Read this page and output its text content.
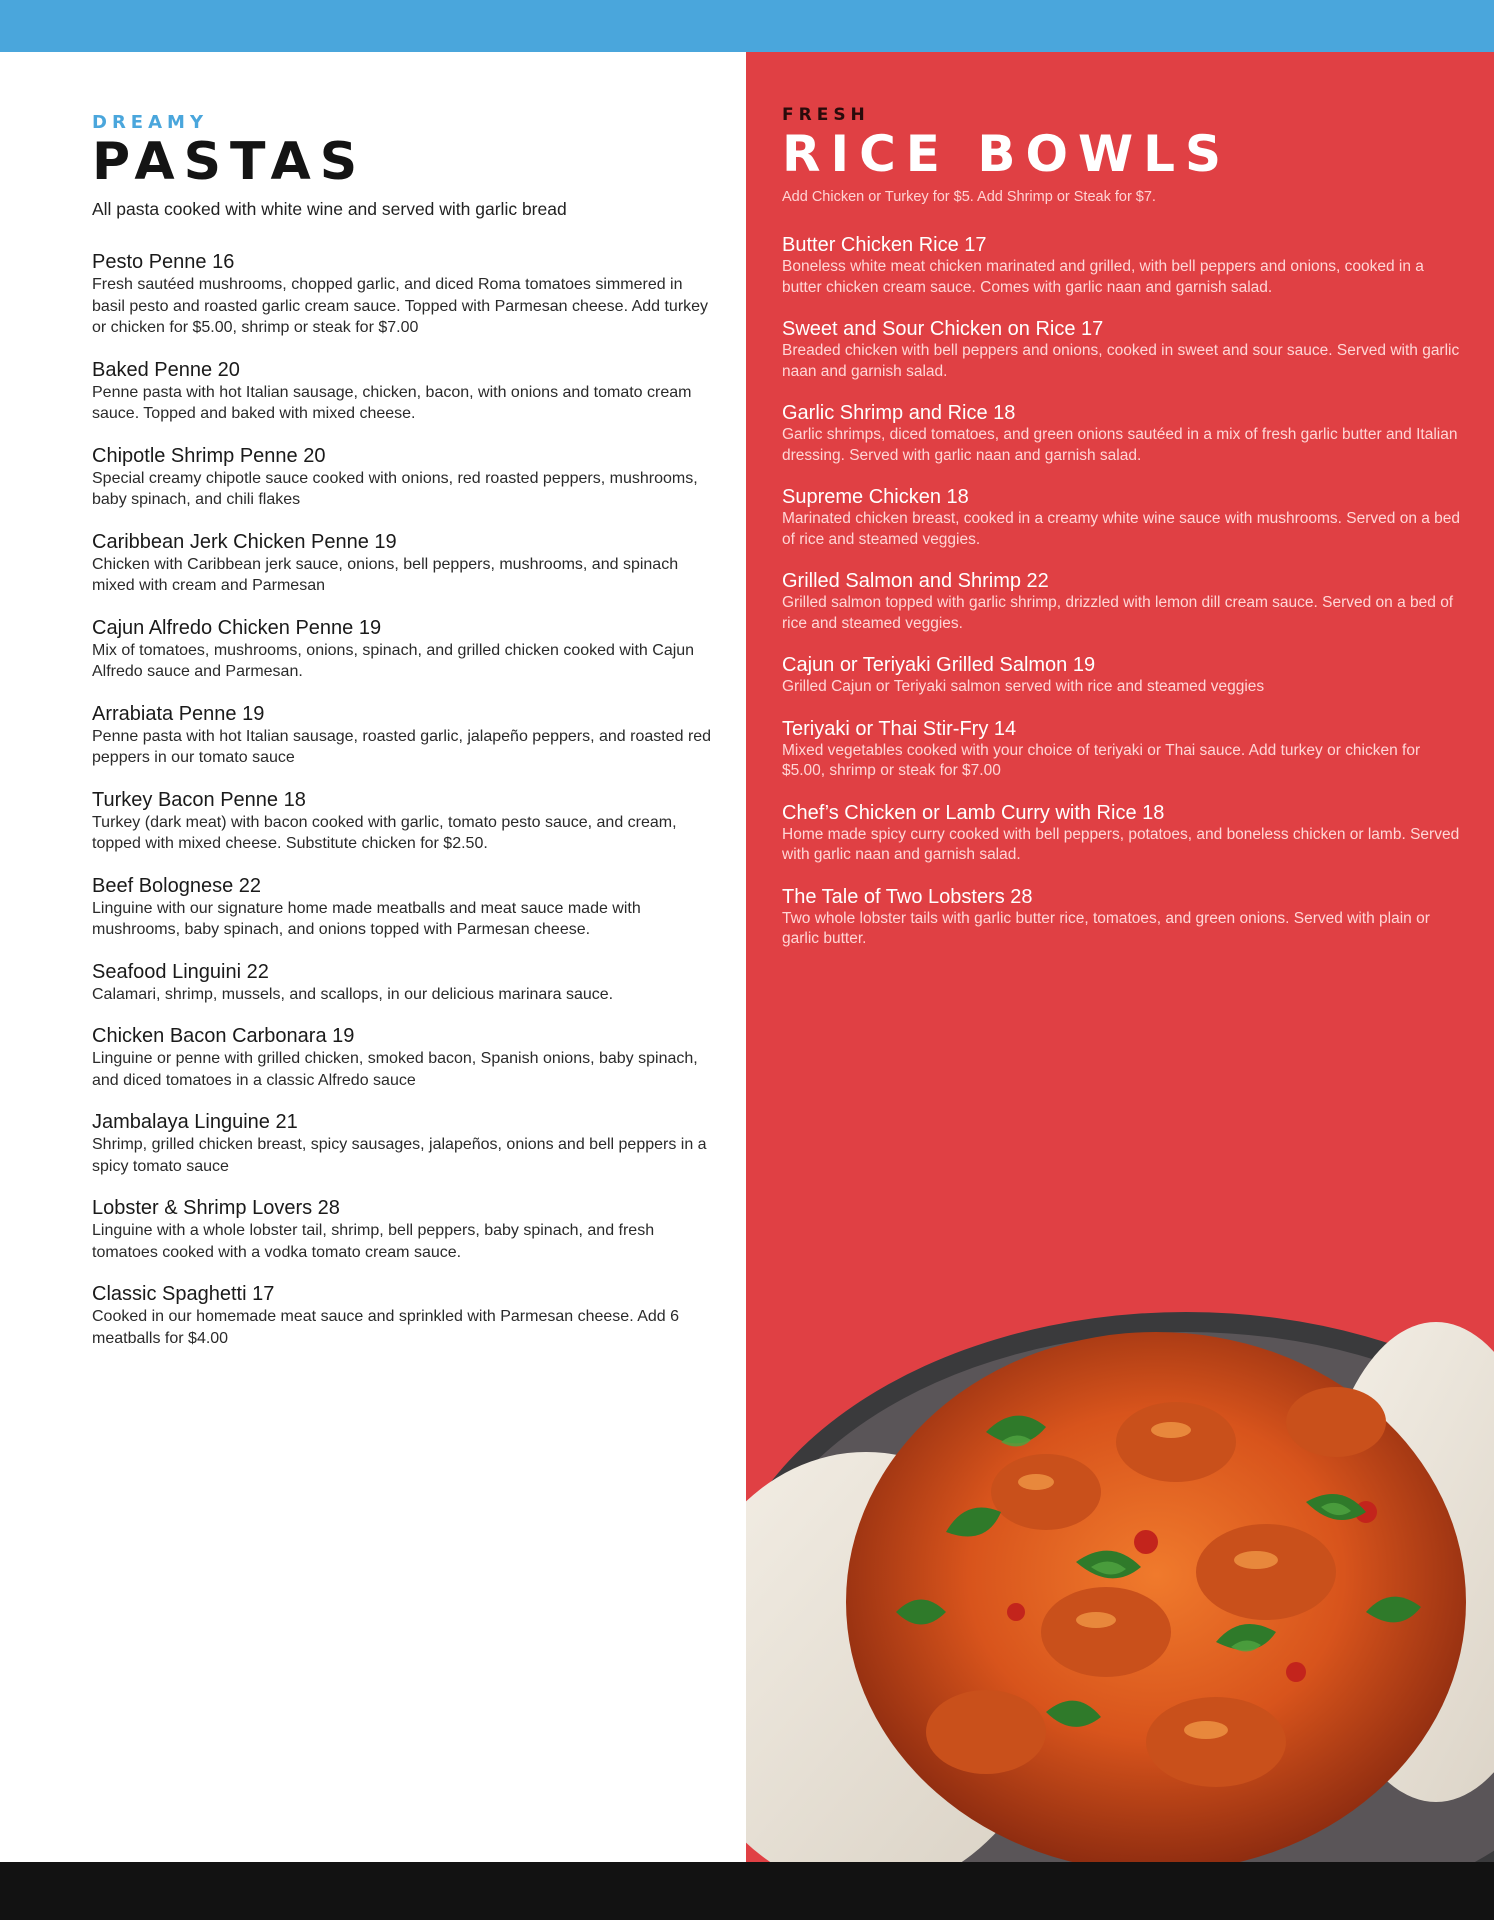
DREAMY
PASTAS
All pasta cooked with white wine and served with garlic bread
Pesto Penne 16
Fresh sautéed mushrooms, chopped garlic, and diced Roma tomatoes simmered in basil pesto and roasted garlic cream sauce. Topped with Parmesan cheese. Add turkey or chicken for $5.00, shrimp or steak for $7.00
Baked Penne 20
Penne pasta with hot Italian sausage, chicken, bacon, with onions and tomato cream sauce. Topped and baked with mixed cheese.
Chipotle Shrimp Penne 20
Special creamy chipotle sauce cooked with onions, red roasted peppers, mushrooms, baby spinach, and chili flakes
Caribbean Jerk Chicken Penne 19
Chicken with Caribbean jerk sauce, onions, bell peppers, mushrooms, and spinach mixed with cream and Parmesan
Cajun Alfredo Chicken Penne 19
Mix of tomatoes, mushrooms, onions, spinach, and grilled chicken cooked with Cajun Alfredo sauce and Parmesan.
Arrabiata Penne 19
Penne pasta with hot Italian sausage, roasted garlic, jalapeño peppers, and roasted red peppers in our tomato sauce
Turkey Bacon Penne 18
Turkey (dark meat) with bacon cooked with garlic, tomato pesto sauce, and cream, topped with mixed cheese. Substitute chicken for $2.50.
Beef Bolognese 22
Linguine with our signature home made meatballs and meat sauce made with mushrooms, baby spinach, and onions topped with Parmesan cheese.
Seafood Linguini 22
Calamari, shrimp, mussels, and scallops, in our delicious marinara sauce.
Chicken Bacon Carbonara 19
Linguine or penne with grilled chicken, smoked bacon, Spanish onions, baby spinach, and diced tomatoes in a classic Alfredo sauce
Jambalaya Linguine 21
Shrimp, grilled chicken breast, spicy sausages, jalapeños, onions and bell peppers in a spicy tomato sauce
Lobster & Shrimp Lovers 28
Linguine with a whole lobster tail, shrimp, bell peppers, baby spinach, and fresh tomatoes cooked with a vodka tomato cream sauce.
Classic Spaghetti 17
Cooked in our homemade meat sauce and sprinkled with Parmesan cheese. Add 6 meatballs for $4.00
FRESH
RICE BOWLS
Add Chicken or Turkey for $5. Add Shrimp or Steak for $7.
Butter Chicken Rice 17
Boneless white meat chicken marinated and grilled, with bell peppers and onions, cooked in a butter chicken cream sauce. Comes with garlic naan and garnish salad.
Sweet and Sour Chicken on Rice 17
Breaded chicken with bell peppers and onions, cooked in sweet and sour sauce. Served with garlic naan and garnish salad.
Garlic Shrimp and Rice 18
Garlic shrimps, diced tomatoes, and green onions sautéed in a mix of fresh garlic butter and Italian dressing. Served with garlic naan and garnish salad.
Supreme Chicken 18
Marinated chicken breast, cooked in a creamy white wine sauce with mushrooms. Served on a bed of rice and steamed veggies.
Grilled Salmon and Shrimp 22
Grilled salmon topped with garlic shrimp, drizzled with lemon dill cream sauce. Served on a bed of rice and steamed veggies.
Cajun or Teriyaki Grilled Salmon 19
Grilled Cajun or Teriyaki salmon served with rice and steamed veggies
Teriyaki or Thai Stir-Fry 14
Mixed vegetables cooked with your choice of teriyaki or Thai sauce. Add turkey or chicken for $5.00, shrimp or steak for $7.00
Chef’s Chicken or Lamb Curry with Rice 18
Home made spicy curry cooked with bell peppers, potatoes, and boneless chicken or lamb. Served with garlic naan and garnish salad.
The Tale of Two Lobsters 28
Two whole lobster tails with garlic butter rice, tomatoes, and green onions. Served with plain or garlic butter.
